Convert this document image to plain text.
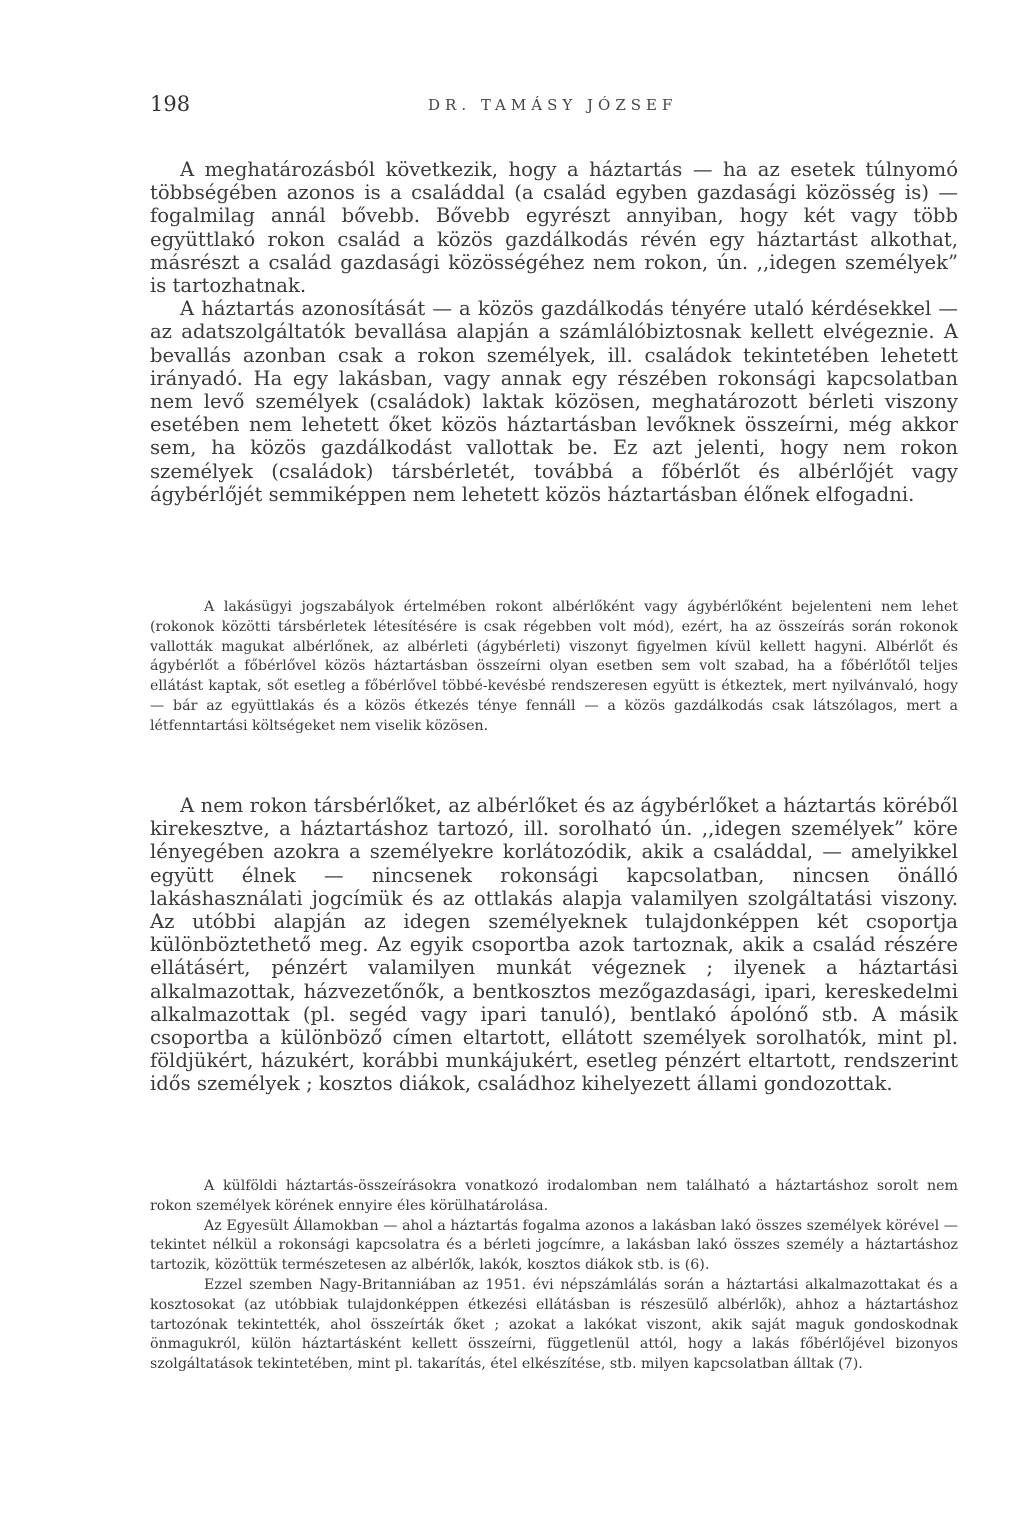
198	DR. TAMÁSY JÓZSEF

A meghatározásból következik, hogy a háztartás — ha az esetek túlnyomó többségében azonos is a családdal (a család egyben gazdasági közösség is) — fogalmilag annál bővebb. Bővebb egyrészt annyiban, hogy két vagy több együttlakó rokon család a közös gazdálkodás révén egy háztartást alkothat, másrészt a család gazdasági közösségéhez nem rokon, ún. ,,idegen személyek” is tartozhatnak.

A háztartás azonosítását — a közös gazdálkodás tényére utaló kérdésekkel — az adatszolgáltatók bevallása alapján a számlálóbiztosnak kellett elvégeznie. A bevallás azonban csak a rokon személyek, ill. családok tekintetében lehetett irányadó. Ha egy lakásban, vagy annak egy részében rokonsági kapcsolatban nem levő személyek (családok) laktak közösen, meghatározott bérleti viszony esetében nem lehetett őket közös háztartásban levőknek összeírni, még akkor sem, ha közös gazdálkodást vallottak be. Ez azt jelenti, hogy nem rokon személyek (családok) társbérletét, továbbá a főbérlőt és albérlőjét vagy ágybérlőjét semmiképpen nem lehetett közös háztartásban élőnek elfogadni.

A lakásügyi jogszabályok értelmében rokont albérlőként vagy ágybérlőként bejelenteni nem lehet (rokonok közötti társbérletek létesítésére is csak régebben volt mód), ezért, ha az összeírás során rokonok vallották magukat albérlőnek, az albérleti (ágybérleti) viszonyt figyelmen kívül kellett hagyni. Albérlőt és ágybérlőt a főbérlővel közös háztartásban összeírni olyan esetben sem volt szabad, ha a főbérlőtől teljes ellátást kaptak, sőt esetleg a főbérlővel többé-kevésbé rendszeresen együtt is étkeztek, mert nyilvánvaló, hogy — bár az együttlakás és a közös étkezés ténye fennáll — a közös gazdálkodás csak látszólagos, mert a létfenntartási költségeket nem viselik közösen.

A nem rokon társbérlőket, az albérlőket és az ágybérlőket a háztartás köréből kirekesztve, a háztartáshoz tartozó, ill. sorolható ún. ,,idegen személyek” köre lényegében azokra a személyekre korlátozódik, akik a családdal, — amelyikkel együtt élnek — nincsenek rokonsági kapcsolatban, nincsen önálló lakáshasználati jogcímük és az ottlakás alapja valamilyen szolgáltatási viszony. Az utóbbi alapján az idegen személyeknek tulajdonképpen két csoportja különböztethető meg. Az egyik csoportba azok tartoznak, akik a család részére ellátásért, pénzért valamilyen munkát végeznek ; ilyenek a háztartási alkalmazottak, házvezetőnők, a bentkosztos mezőgazdasági, ipari, kereskedelmi alkalmazottak (pl. segéd vagy ipari tanuló), bentlakó ápolónő stb. A másik csoportba a különböző címen eltartott, ellátott személyek sorolhatók, mint pl. földjükért, házukért, korábbi munkájukért, esetleg pénzért eltartott, rendszerint idős személyek ; kosztos diákok, családhoz kihelyezett állami gondozottak.

A külföldi háztartás-összeírásokra vonatkozó irodalomban nem található a háztartáshoz sorolt nem rokon személyek körének ennyire éles körülhatárolása.

Az Egyesült Államokban — ahol a háztartás fogalma azonos a lakásban lakó összes személyek körével — tekintet nélkül a rokonsági kapcsolatra és a bérleti jogcímre, a lakásban lakó összes személy a háztartáshoz tartozik, közöttük természetesen az albérlők, lakók, kosztos diákok stb. is (6).

Ezzel szemben Nagy-Britanniában az 1951. évi népszámlálás során a háztartási alkalmazottakat és a kosztosokat (az utóbbiak tulajdonképpen étkezési ellátásban is részesülő albérlők), ahhoz a háztartáshoz tartozónak tekintették, ahol összeírták őket ; azokat a lakókat viszont, akik saját maguk gondoskodnak önmagukról, külön háztartásként kellett összeírni, függetlenül attól, hogy a lakás főbérlőjével bizonyos szolgáltatások tekintetében, mint pl. takarítás, étel elkészítése, stb. milyen kapcsolatban álltak (7).
